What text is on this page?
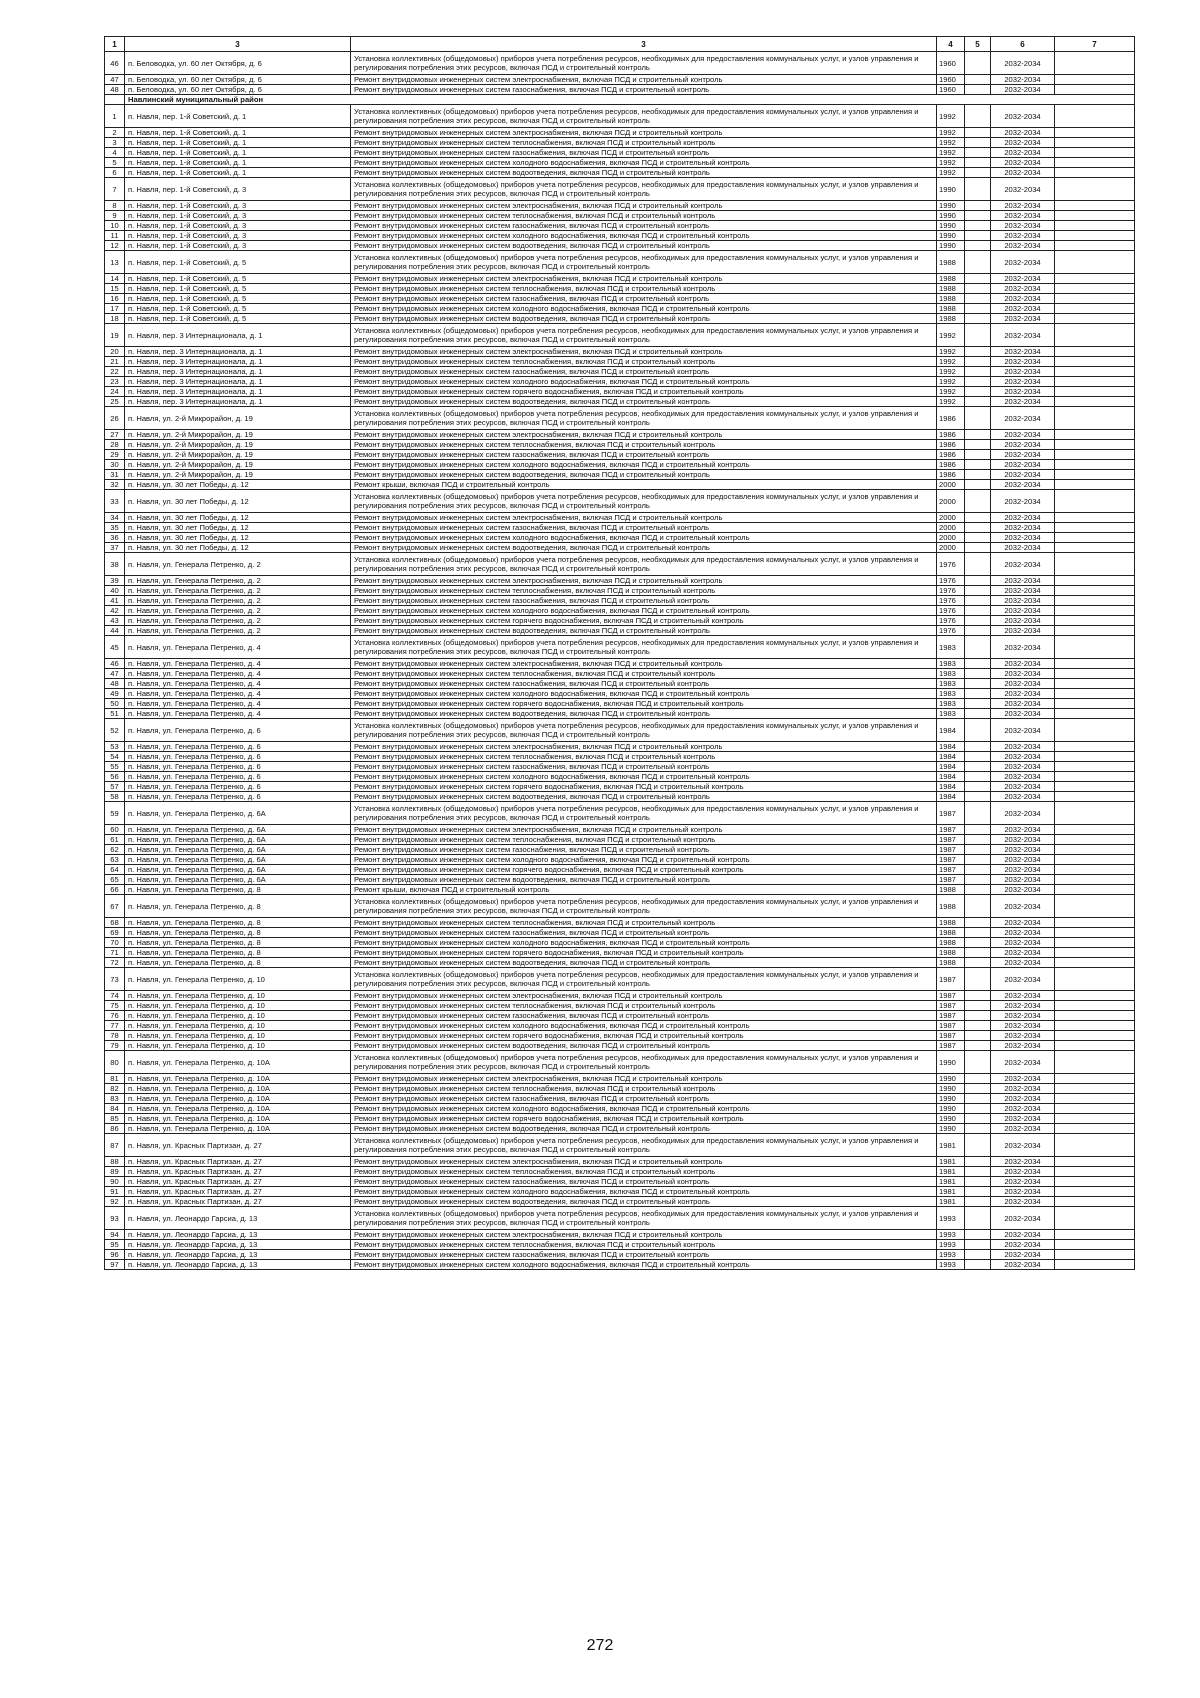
1	3	3	4	5	6	7
46	п. Беловодка, ул. 60 лет Октября, д. 6	Установка коллективных (общедомовых) приборов учета потребления ресурсов, необходимых для предоставления коммунальных услуг, и узлов управления и регулирования потребления этих ресурсов, включая ПСД и строительный контроль	1960		2032-2034	
47	п. Беловодка, ул. 60 лет Октября, д. 6	Ремонт внутридомовых инженерных систем электроснабжения, включая ПСД и строительный контроль	1960		2032-2034	
48	п. Беловодка, ул. 60 лет Октября, д. 6	Ремонт внутридомовых инженерных систем газоснабжения, включая ПСД и строительный контроль	1960		2032-2034	
	Навлинский муниципальный район					
1	п. Навля, пер. 1-й Советский, д. 1	Установка коллективных (общедомовых) приборов учета потребления ресурсов, необходимых для предоставления коммунальных услуг, и узлов управления и регулирования потребления этих ресурсов, включая ПСД и строительный контроль	1992		2032-2034	
2	п. Навля, пер. 1-й Советский, д. 1	Ремонт внутридомовых инженерных систем электроснабжения, включая ПСД и строительный контроль	1992		2032-2034	
3	п. Навля, пер. 1-й Советский, д. 1	Ремонт внутридомовых инженерных систем теплоснабжения, включая ПСД и строительный контроль	1992		2032-2034	
4	п. Навля, пер. 1-й Советский, д. 1	Ремонт внутридомовых инженерных систем газоснабжения, включая ПСД и строительный контроль	1992		2032-2034	
5	п. Навля, пер. 1-й Советский, д. 1	Ремонт внутридомовых инженерных систем холодного водоснабжения, включая ПСД и строительный контроль	1992		2032-2034	
6	п. Навля, пер. 1-й Советский, д. 1	Ремонт внутридомовых инженерных систем водоотведения, включая ПСД и строительный контроль	1992		2032-2034	
7	п. Навля, пер. 1-й Советский, д. 3	Установка коллективных (общедомовых) приборов учета потребления ресурсов, необходимых для предоставления коммунальных услуг, и узлов управления и регулирования потребления этих ресурсов, включая ПСД и строительный контроль	1990		2032-2034	
8	п. Навля, пер. 1-й Советский, д. 3	Ремонт внутридомовых инженерных систем электроснабжения, включая ПСД и строительный контроль	1990		2032-2034	
9	п. Навля, пер. 1-й Советский, д. 3	Ремонт внутридомовых инженерных систем теплоснабжения, включая ПСД и строительный контроль	1990		2032-2034	
10	п. Навля, пер. 1-й Советский, д. 3	Ремонт внутридомовых инженерных систем газоснабжения, включая ПСД и строительный контроль	1990		2032-2034	
11	п. Навля, пер. 1-й Советский, д. 3	Ремонт внутридомовых инженерных систем холодного водоснабжения, включая ПСД и строительный контроль	1990		2032-2034	
12	п. Навля, пер. 1-й Советский, д. 3	Ремонт внутридомовых инженерных систем водоотведения, включая ПСД и строительный контроль	1990		2032-2034	
13	п. Навля, пер. 1-й Советский, д. 5	Установка коллективных (общедомовых) приборов учета потребления ресурсов, необходимых для предоставления коммунальных услуг, и узлов управления и регулирования потребления этих ресурсов, включая ПСД и строительный контроль	1988		2032-2034	
14	п. Навля, пер. 1-й Советский, д. 5	Ремонт внутридомовых инженерных систем электроснабжения, включая ПСД и строительный контроль	1988		2032-2034	
15	п. Навля, пер. 1-й Советский, д. 5	Ремонт внутридомовых инженерных систем теплоснабжения, включая ПСД и строительный контроль	1988		2032-2034	
16	п. Навля, пер. 1-й Советский, д. 5	Ремонт внутридомовых инженерных систем газоснабжения, включая ПСД и строительный контроль	1988		2032-2034	
17	п. Навля, пер. 1-й Советский, д. 5	Ремонт внутридомовых инженерных систем холодного водоснабжения, включая ПСД и строительный контроль	1988		2032-2034	
18	п. Навля, пер. 1-й Советский, д. 5	Ремонт внутридомовых инженерных систем водоотведения, включая ПСД и строительный контроль	1988		2032-2034	
19	п. Навля, пер. 3 Интернационала, д. 1	Установка коллективных (общедомовых) приборов учета потребления ресурсов, необходимых для предоставления коммунальных услуг, и узлов управления и регулирования потребления этих ресурсов, включая ПСД и строительный контроль	1992		2032-2034	
20	п. Навля, пер. 3 Интернационала, д. 1	Ремонт внутридомовых инженерных систем электроснабжения, включая ПСД и строительный контроль	1992		2032-2034	
21	п. Навля, пер. 3 Интернационала, д. 1	Ремонт внутридомовых инженерных систем теплоснабжения, включая ПСД и строительный контроль	1992		2032-2034	
22	п. Навля, пер. 3 Интернационала, д. 1	Ремонт внутридомовых инженерных систем газоснабжения, включая ПСД и строительный контроль	1992		2032-2034	
23	п. Навля, пер. 3 Интернационала, д. 1	Ремонт внутридомовых инженерных систем холодного водоснабжения, включая ПСД и строительный контроль	1992		2032-2034	
24	п. Навля, пер. 3 Интернационала, д. 1	Ремонт внутридомовых инженерных систем горячего водоснабжения, включая ПСД и строительный контроль	1992		2032-2034	
25	п. Навля, пер. 3 Интернационала, д. 1	Ремонт внутридомовых инженерных систем водоотведения, включая ПСД и строительный контроль	1992		2032-2034	
26	п. Навля, ул. 2-й Микрорайон, д. 19	Установка коллективных (общедомовых) приборов учета потребления ресурсов, необходимых для предоставления коммунальных услуг, и узлов управления и регулирования потребления этих ресурсов, включая ПСД и строительный контроль	1986		2032-2034	
27	п. Навля, ул. 2-й Микрорайон, д. 19	Ремонт внутридомовых инженерных систем электроснабжения, включая ПСД и строительный контроль	1986		2032-2034	
28	п. Навля, ул. 2-й Микрорайон, д. 19	Ремонт внутридомовых инженерных систем теплоснабжения, включая ПСД и строительный контроль	1986		2032-2034	
29	п. Навля, ул. 2-й Микрорайон, д. 19	Ремонт внутридомовых инженерных систем газоснабжения, включая ПСД и строительный контроль	1986		2032-2034	
30	п. Навля, ул. 2-й Микрорайон, д. 19	Ремонт внутридомовых инженерных систем холодного водоснабжения, включая ПСД и строительный контроль	1986		2032-2034	
31	п. Навля, ул. 2-й Микрорайон, д. 19	Ремонт внутридомовых инженерных систем водоотведения, включая ПСД и строительный контроль	1986		2032-2034	
32	п. Навля, ул. 30 лет Победы, д. 12	Ремонт крыши, включая ПСД и строительный контроль	2000		2032-2034	
33	п. Навля, ул. 30 лет Победы, д. 12	Установка коллективных (общедомовых) приборов учета потребления ресурсов, необходимых для предоставления коммунальных услуг, и узлов управления и регулирования потребления этих ресурсов, включая ПСД и строительный контроль	2000		2032-2034	
34	п. Навля, ул. 30 лет Победы, д. 12	Ремонт внутридомовых инженерных систем электроснабжения, включая ПСД и строительный контроль	2000		2032-2034	
35	п. Навля, ул. 30 лет Победы, д. 12	Ремонт внутридомовых инженерных систем газоснабжения, включая ПСД и строительный контроль	2000		2032-2034	
36	п. Навля, ул. 30 лет Победы, д. 12	Ремонт внутридомовых инженерных систем холодного водоснабжения, включая ПСД и строительный контроль	2000		2032-2034	
37	п. Навля, ул. 30 лет Победы, д. 12	Ремонт внутридомовых инженерных систем водоотведения, включая ПСД и строительный контроль	2000		2032-2034	
38	п. Навля, ул. Генерала Петренко, д. 2	Установка коллективных (общедомовых) приборов учета потребления ресурсов, необходимых для предоставления коммунальных услуг, и узлов управления и регулирования потребления этих ресурсов, включая ПСД и строительный контроль	1976		2032-2034	
39	п. Навля, ул. Генерала Петренко, д. 2	Ремонт внутридомовых инженерных систем электроснабжения, включая ПСД и строительный контроль	1976		2032-2034	
40	п. Навля, ул. Генерала Петренко, д. 2	Ремонт внутридомовых инженерных систем теплоснабжения, включая ПСД и строительный контроль	1976		2032-2034	
41	п. Навля, ул. Генерала Петренко, д. 2	Ремонт внутридомовых инженерных систем газоснабжения, включая ПСД и строительный контроль	1976		2032-2034	
42	п. Навля, ул. Генерала Петренко, д. 2	Ремонт внутридомовых инженерных систем холодного водоснабжения, включая ПСД и строительный контроль	1976		2032-2034	
43	п. Навля, ул. Генерала Петренко, д. 2	Ремонт внутридомовых инженерных систем горячего водоснабжения, включая ПСД и строительный контроль	1976		2032-2034	
44	п. Навля, ул. Генерала Петренко, д. 2	Ремонт внутридомовых инженерных систем водоотведения, включая ПСД и строительный контроль	1976		2032-2034	
45	п. Навля, ул. Генерала Петренко, д. 4	Установка коллективных (общедомовых) приборов учета потребления ресурсов, необходимых для предоставления коммунальных услуг, и узлов управления и регулирования потребления этих ресурсов, включая ПСД и строительный контроль	1983		2032-2034	
46	п. Навля, ул. Генерала Петренко, д. 4	Ремонт внутридомовых инженерных систем электроснабжения, включая ПСД и строительный контроль	1983		2032-2034	
47	п. Навля, ул. Генерала Петренко, д. 4	Ремонт внутридомовых инженерных систем теплоснабжения, включая ПСД и строительный контроль	1983		2032-2034	
48	п. Навля, ул. Генерала Петренко, д. 4	Ремонт внутридомовых инженерных систем газоснабжения, включая ПСД и строительный контроль	1983		2032-2034	
49	п. Навля, ул. Генерала Петренко, д. 4	Ремонт внутридомовых инженерных систем холодного водоснабжения, включая ПСД и строительный контроль	1983		2032-2034	
50	п. Навля, ул. Генерала Петренко, д. 4	Ремонт внутридомовых инженерных систем горячего водоснабжения, включая ПСД и строительный контроль	1983		2032-2034	
51	п. Навля, ул. Генерала Петренко, д. 4	Ремонт внутридомовых инженерных систем водоотведения, включая ПСД и строительный контроль	1983		2032-2034	
52	п. Навля, ул. Генерала Петренко, д. 6	Установка коллективных (общедомовых) приборов учета потребления ресурсов, необходимых для предоставления коммунальных услуг, и узлов управления и регулирования потребления этих ресурсов, включая ПСД и строительный контроль	1984		2032-2034	
53	п. Навля, ул. Генерала Петренко, д. 6	Ремонт внутридомовых инженерных систем электроснабжения, включая ПСД и строительный контроль	1984		2032-2034	
54	п. Навля, ул. Генерала Петренко, д. 6	Ремонт внутридомовых инженерных систем теплоснабжения, включая ПСД и строительный контроль	1984		2032-2034	
55	п. Навля, ул. Генерала Петренко, д. 6	Ремонт внутридомовых инженерных систем газоснабжения, включая ПСД и строительный контроль	1984		2032-2034	
56	п. Навля, ул. Генерала Петренко, д. 6	Ремонт внутридомовых инженерных систем холодного водоснабжения, включая ПСД и строительный контроль	1984		2032-2034	
57	п. Навля, ул. Генерала Петренко, д. 6	Ремонт внутридомовых инженерных систем горячего водоснабжения, включая ПСД и строительный контроль	1984		2032-2034	
58	п. Навля, ул. Генерала Петренко, д. 6	Ремонт внутридомовых инженерных систем водоотведения, включая ПСД и строительный контроль	1984		2032-2034	
59	п. Навля, ул. Генерала Петренко, д. 6А	Установка коллективных (общедомовых) приборов учета потребления ресурсов, необходимых для предоставления коммунальных услуг, и узлов управления и регулирования потребления этих ресурсов, включая ПСД и строительный контроль	1987		2032-2034	
60	п. Навля, ул. Генерала Петренко, д. 6А	Ремонт внутридомовых инженерных систем электроснабжения, включая ПСД и строительный контроль	1987		2032-2034	
61	п. Навля, ул. Генерала Петренко, д. 6А	Ремонт внутридомовых инженерных систем теплоснабжения, включая ПСД и строительный контроль	1987		2032-2034	
62	п. Навля, ул. Генерала Петренко, д. 6А	Ремонт внутридомовых инженерных систем газоснабжения, включая ПСД и строительный контроль	1987		2032-2034	
63	п. Навля, ул. Генерала Петренко, д. 6А	Ремонт внутридомовых инженерных систем холодного водоснабжения, включая ПСД и строительный контроль	1987		2032-2034	
64	п. Навля, ул. Генерала Петренко, д. 6А	Ремонт внутридомовых инженерных систем горячего водоснабжения, включая ПСД и строительный контроль	1987		2032-2034	
65	п. Навля, ул. Генерала Петренко, д. 6А	Ремонт внутридомовых инженерных систем водоотведения, включая ПСД и строительный контроль	1987		2032-2034	
66	п. Навля, ул. Генерала Петренко, д. 8	Ремонт крыши, включая ПСД и строительный контроль	1988		2032-2034	
67	п. Навля, ул. Генерала Петренко, д. 8	Установка коллективных (общедомовых) приборов учета потребления ресурсов, необходимых для предоставления коммунальных услуг, и узлов управления и регулирования потребления этих ресурсов, включая ПСД и строительный контроль	1988		2032-2034	
68	п. Навля, ул. Генерала Петренко, д. 8	Ремонт внутридомовых инженерных систем теплоснабжения, включая ПСД и строительный контроль	1988		2032-2034	
69	п. Навля, ул. Генерала Петренко, д. 8	Ремонт внутридомовых инженерных систем газоснабжения, включая ПСД и строительный контроль	1988		2032-2034	
70	п. Навля, ул. Генерала Петренко, д. 8	Ремонт внутридомовых инженерных систем холодного водоснабжения, включая ПСД и строительный контроль	1988		2032-2034	
71	п. Навля, ул. Генерала Петренко, д. 8	Ремонт внутридомовых инженерных систем горячего водоснабжения, включая ПСД и строительный контроль	1988		2032-2034	
72	п. Навля, ул. Генерала Петренко, д. 8	Ремонт внутридомовых инженерных систем водоотведения, включая ПСД и строительный контроль	1988		2032-2034	
73	п. Навля, ул. Генерала Петренко, д. 10	Установка коллективных (общедомовых) приборов учета потребления ресурсов, необходимых для предоставления коммунальных услуг, и узлов управления и регулирования потребления этих ресурсов, включая ПСД и строительный контроль	1987		2032-2034	
74	п. Навля, ул. Генерала Петренко, д. 10	Ремонт внутридомовых инженерных систем электроснабжения, включая ПСД и строительный контроль	1987		2032-2034	
75	п. Навля, ул. Генерала Петренко, д. 10	Ремонт внутридомовых инженерных систем теплоснабжения, включая ПСД и строительный контроль	1987		2032-2034	
76	п. Навля, ул. Генерала Петренко, д. 10	Ремонт внутридомовых инженерных систем газоснабжения, включая ПСД и строительный контроль	1987		2032-2034	
77	п. Навля, ул. Генерала Петренко, д. 10	Ремонт внутридомовых инженерных систем холодного водоснабжения, включая ПСД и строительный контроль	1987		2032-2034	
78	п. Навля, ул. Генерала Петренко, д. 10	Ремонт внутридомовых инженерных систем горячего водоснабжения, включая ПСД и строительный контроль	1987		2032-2034	
79	п. Навля, ул. Генерала Петренко, д. 10	Ремонт внутридомовых инженерных систем водоотведения, включая ПСД и строительный контроль	1987		2032-2034	
80	п. Навля, ул. Генерала Петренко, д. 10А	Установка коллективных (общедомовых) приборов учета потребления ресурсов, необходимых для предоставления коммунальных услуг, и узлов управления и регулирования потребления этих ресурсов, включая ПСД и строительный контроль	1990		2032-2034	
81	п. Навля, ул. Генерала Петренко, д. 10А	Ремонт внутридомовых инженерных систем электроснабжения, включая ПСД и строительный контроль	1990		2032-2034	
82	п. Навля, ул. Генерала Петренко, д. 10А	Ремонт внутридомовых инженерных систем теплоснабжения, включая ПСД и строительный контроль	1990		2032-2034	
83	п. Навля, ул. Генерала Петренко, д. 10А	Ремонт внутридомовых инженерных систем газоснабжения, включая ПСД и строительный контроль	1990		2032-2034	
84	п. Навля, ул. Генерала Петренко, д. 10А	Ремонт внутридомовых инженерных систем холодного водоснабжения, включая ПСД и строительный контроль	1990		2032-2034	
85	п. Навля, ул. Генерала Петренко, д. 10А	Ремонт внутридомовых инженерных систем горячего водоснабжения, включая ПСД и строительный контроль	1990		2032-2034	
86	п. Навля, ул. Генерала Петренко, д. 10А	Ремонт внутридомовых инженерных систем водоотведения, включая ПСД и строительный контроль	1990		2032-2034	
87	п. Навля, ул. Красных Партизан, д. 27	Установка коллективных (общедомовых) приборов учета потребления ресурсов, необходимых для предоставления коммунальных услуг, и узлов управления и регулирования потребления этих ресурсов, включая ПСД и строительный контроль	1981		2032-2034	
88	п. Навля, ул. Красных Партизан, д. 27	Ремонт внутридомовых инженерных систем электроснабжения, включая ПСД и строительный контроль	1981		2032-2034	
89	п. Навля, ул. Красных Партизан, д. 27	Ремонт внутридомовых инженерных систем теплоснабжения, включая ПСД и строительный контроль	1981		2032-2034	
90	п. Навля, ул. Красных Партизан, д. 27	Ремонт внутридомовых инженерных систем газоснабжения, включая ПСД и строительный контроль	1981		2032-2034	
91	п. Навля, ул. Красных Партизан, д. 27	Ремонт внутридомовых инженерных систем холодного водоснабжения, включая ПСД и строительный контроль	1981		2032-2034	
92	п. Навля, ул. Красных Партизан, д. 27	Ремонт внутридомовых инженерных систем водоотведения, включая ПСД и строительный контроль	1981		2032-2034	
93	п. Навля, ул. Леонардо Гарсиа, д. 13	Установка коллективных (общедомовых) приборов учета потребления ресурсов, необходимых для предоставления коммунальных услуг, и узлов управления и регулирования потребления этих ресурсов, включая ПСД и строительный контроль	1993		2032-2034	
94	п. Навля, ул. Леонардо Гарсиа, д. 13	Ремонт внутридомовых инженерных систем электроснабжения, включая ПСД и строительный контроль	1993		2032-2034	
95	п. Навля, ул. Леонардо Гарсиа, д. 13	Ремонт внутридомовых инженерных систем теплоснабжения, включая ПСД и строительный контроль	1993		2032-2034	
96	п. Навля, ул. Леонардо Гарсиа, д. 13	Ремонт внутридомовых инженерных систем газоснабжения, включая ПСД и строительный контроль	1993		2032-2034	
97	п. Навля, ул. Леонардо Гарсиа, д. 13	Ремонт внутридомовых инженерных систем холодного водоснабжения, включая ПСД и строительный контроль	1993		2032-2034	
272
